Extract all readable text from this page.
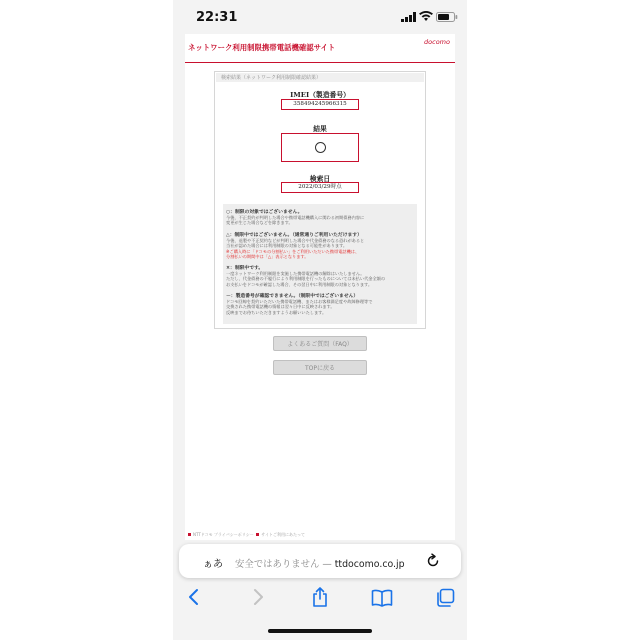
22:31
ネットワーク利用制限携帯電話機確認サイト
docomo
検索結果（ネットワーク利用制限確認結果）
IMEI（製造番号）
358494245966315
結果
検索日
2022/03/29時点
○：制限の対象ではございません。
今後、不正契約が判明した場合や携帯電話機購入に関わる初期債務内容に
変更が生じた場合などを除きます。
△：制限中ではございません。（通常通りご利用いただけます）
今後、退製や不正契約などが判明した場合や代金債務のなる恐れがあると
当社が認めた場合には利用制限の対象となる可能性があります。
※ご購入時に「ドコモの分割払い」をご利用いただいた携帯電話機は、
分割払いの期間中は「△」表示となります。
×：制限中です。
一度ネットワーク利用制限を実施した携帯電話機の解除はいたしません。
ただし、代金債務の不履行により利用制限を行ったものについては未払い代金全額の
お支払いをドコモが確認した場合、その翌日中に利用制限の対象となります。
－：製造番号が確認できません。（制限中ではございません）
ドコモ回線を契約いただいた携帯電話機、またはお客様満足度や故障修理等で
交換された携帯電話機の情報は翌々日中に反映されます。
反映までお待ちいただきますようお願いいたします。
よくあるご質問（FAQ）
TOPに戻る
NTTドコモ プライバシーポリシー サイトご利用にあたって
ぁあ 安全ではありません — ttdocomo.co.jp
